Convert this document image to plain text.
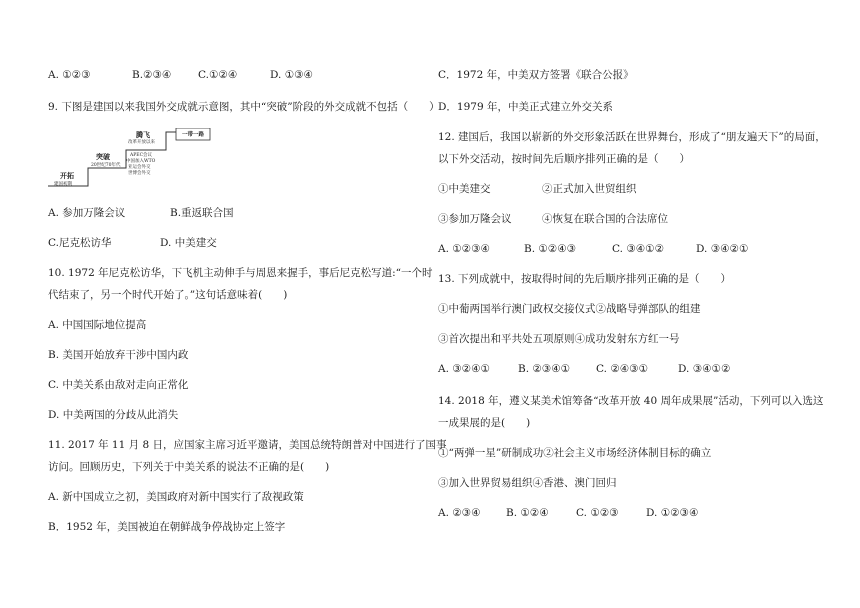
A. ①②③	B.②③④	C.①②④	D. ①③④
9. 下图是建国以来我国外交成就示意图，其中“突破”阶段的外交成就不包括（　　）
开拓
建国初期
突破
20世纪70年代
腾飞
改革开放以来
APEC会议
中国加入WTO
亚运会外交
世博会外交
一带一路
A. 参加万隆会议	B.重返联合国
C.尼克松访华	D. 中美建交
10. 1972 年尼克松访华，下飞机主动伸手与周恩来握手，事后尼克松写道:“一个时
代结束了，另一个时代开始了。”这句话意味着(　　)
A. 中国国际地位提高
B. 美国开始放弃干涉中国内政
C. 中美关系由敌对走向正常化
D. 中美两国的分歧从此消失
11. 2017 年 11 月 8 日，应国家主席习近平邀请，美国总统特朗普对中国进行了国事
访问。回顾历史，下列关于中美关系的说法不正确的是(　　)
A. 新中国成立之初，美国政府对新中国实行了敌视政策
B．1952 年，美国被迫在朝鲜战争停战协定上签字
C．1972 年，中美双方签署《联合公报》
D．1979 年，中美正式建立外交关系
12. 建国后，我国以崭新的外交形象活跃在世界舞台，形成了“朋友遍天下”的局面，
以下外交活动，按时间先后顺序排列正确的是（　　）
①中美建交	②正式加入世贸组织
③参加万隆会议	④恢复在联合国的合法席位
A. ①②③④	B. ①②④③	C. ③④①②	D. ③④②①
13. 下列成就中，按取得时间的先后顺序排列正确的是（　　）
①中葡两国举行澳门政权交接仪式②战略导弹部队的组建
③首次提出和平共处五项原则④成功发射东方红一号
A. ③②④①	B. ②③④① C. ②④③①	D. ③④①②
14. 2018 年，遵义某美术馆筹备“改革开放 40 周年成果展”活动，下列可以入选这
一成果展的是(　　)
①“两弹一星”研制成功②社会主义市场经济体制目标的确立
③加入世界贸易组织④香港、澳门回归
A. ②③④ B. ①②④	C. ①②③	D. ①②③④
